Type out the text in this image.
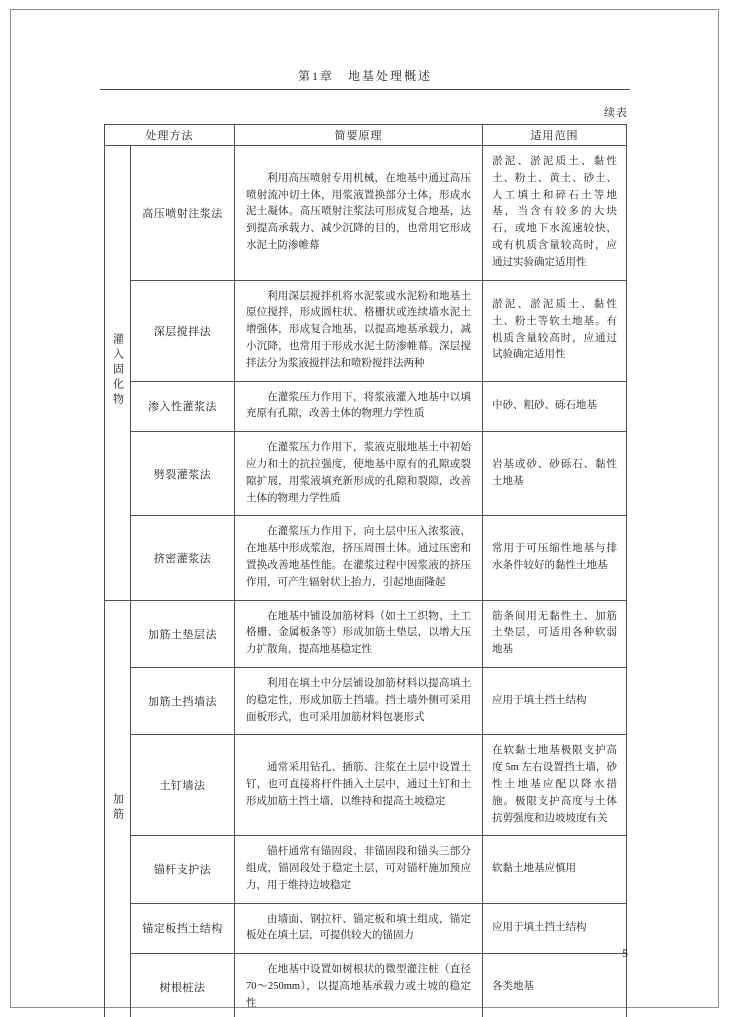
第1章　地基处理概述
续表
处理方法		简要原理	适用范围
灌入固化物	高压喷射注浆法	利用高压喷射专用机械，在地基中通过高压喷射流冲切土体，用浆液置换部分土体，形成水泥土凝体。高压喷射注浆法可形成复合地基，达到提高承载力、减少沉降的目的，也常用它形成水泥土防渗帷幕	淤泥、淤泥质土、黏性土、粉土、黄土、砂土、人工填土和碎石土等地基，当含有较多的大块石，或地下水流速较快，或有机质含量较高时，应通过实验确定适用性
	深层搅拌法	利用深层搅拌机将水泥浆或水泥粉和地基土原位搅拌，形成圆柱状、格栅状或连续墙水泥土增强体，形成复合地基，以提高地基承载力，减小沉降，也常用于形成水泥土防渗帷幕。深层搅拌法分为浆液搅拌法和喷粉搅拌法两种	淤泥、淤泥质土、黏性土、粉土等软土地基。有机质含量较高时，应通过试验确定适用性
	渗入性灌浆法	在灌浆压力作用下，将浆液灌入地基中以填充原有孔隙，改善土体的物理力学性质	中砂、粗砂、砾石地基
	劈裂灌浆法	在灌浆压力作用下，浆液克服地基土中初始应力和土的抗拉强度，使地基中原有的孔隙或裂隙扩展，用浆液填充新形成的孔隙和裂隙，改善土体的物理力学性质	岩基或砂、砂砾石、黏性土地基
	挤密灌浆法	在灌浆压力作用下，向土层中压入浓浆液，在地基中形成浆泡，挤压周围土体。通过压密和置换改善地基性能。在灌浆过程中因浆液的挤压作用，可产生辐射状上抬力，引起地面隆起	常用于可压缩性地基与排水条件较好的黏性土地基
加筋	加筋土垫层法	在地基中铺设加筋材料（如土工织物、土工格栅、金属板条等）形成加筋土垫层，以增大压力扩散角，提高地基稳定性	筋条间用无黏性土、加筋土垫层，可适用各种软弱地基
	加筋土挡墙法	利用在填土中分层铺设加筋材料以提高填土的稳定性，形成加筋土挡墙。挡土墙外侧可采用面板形式，也可采用加筋材料包裹形式	应用于填土挡土结构
	土钉墙法	通常采用钻孔、插筋、注浆在土层中设置土钉，也可直接将杆件插入土层中，通过土钉和土形成加筋土挡土墙，以维持和提高土坡稳定	在软黏土地基极限支护高度 5m 左右设置挡土墙，砂性土地基应配以降水措施。极限支护高度与土体抗剪强度和边坡坡度有关
	锚杆支护法	锚杆通常有锚固段、非锚固段和锚头三部分组成，锚固段处于稳定土层，可对锚杆施加预应力，用于维持边坡稳定	软黏土地基应慎用
	锚定板挡土结构	由墙面、钢拉杆、锚定板和填土组成，锚定板处在填土层，可提供较大的锚固力	应用于填土挡土结构
	树根桩法	在地基中设置如树根状的微型灌注桩（直径70～250mm），以提高地基承载力或土坡的稳定性	各类地基
5
